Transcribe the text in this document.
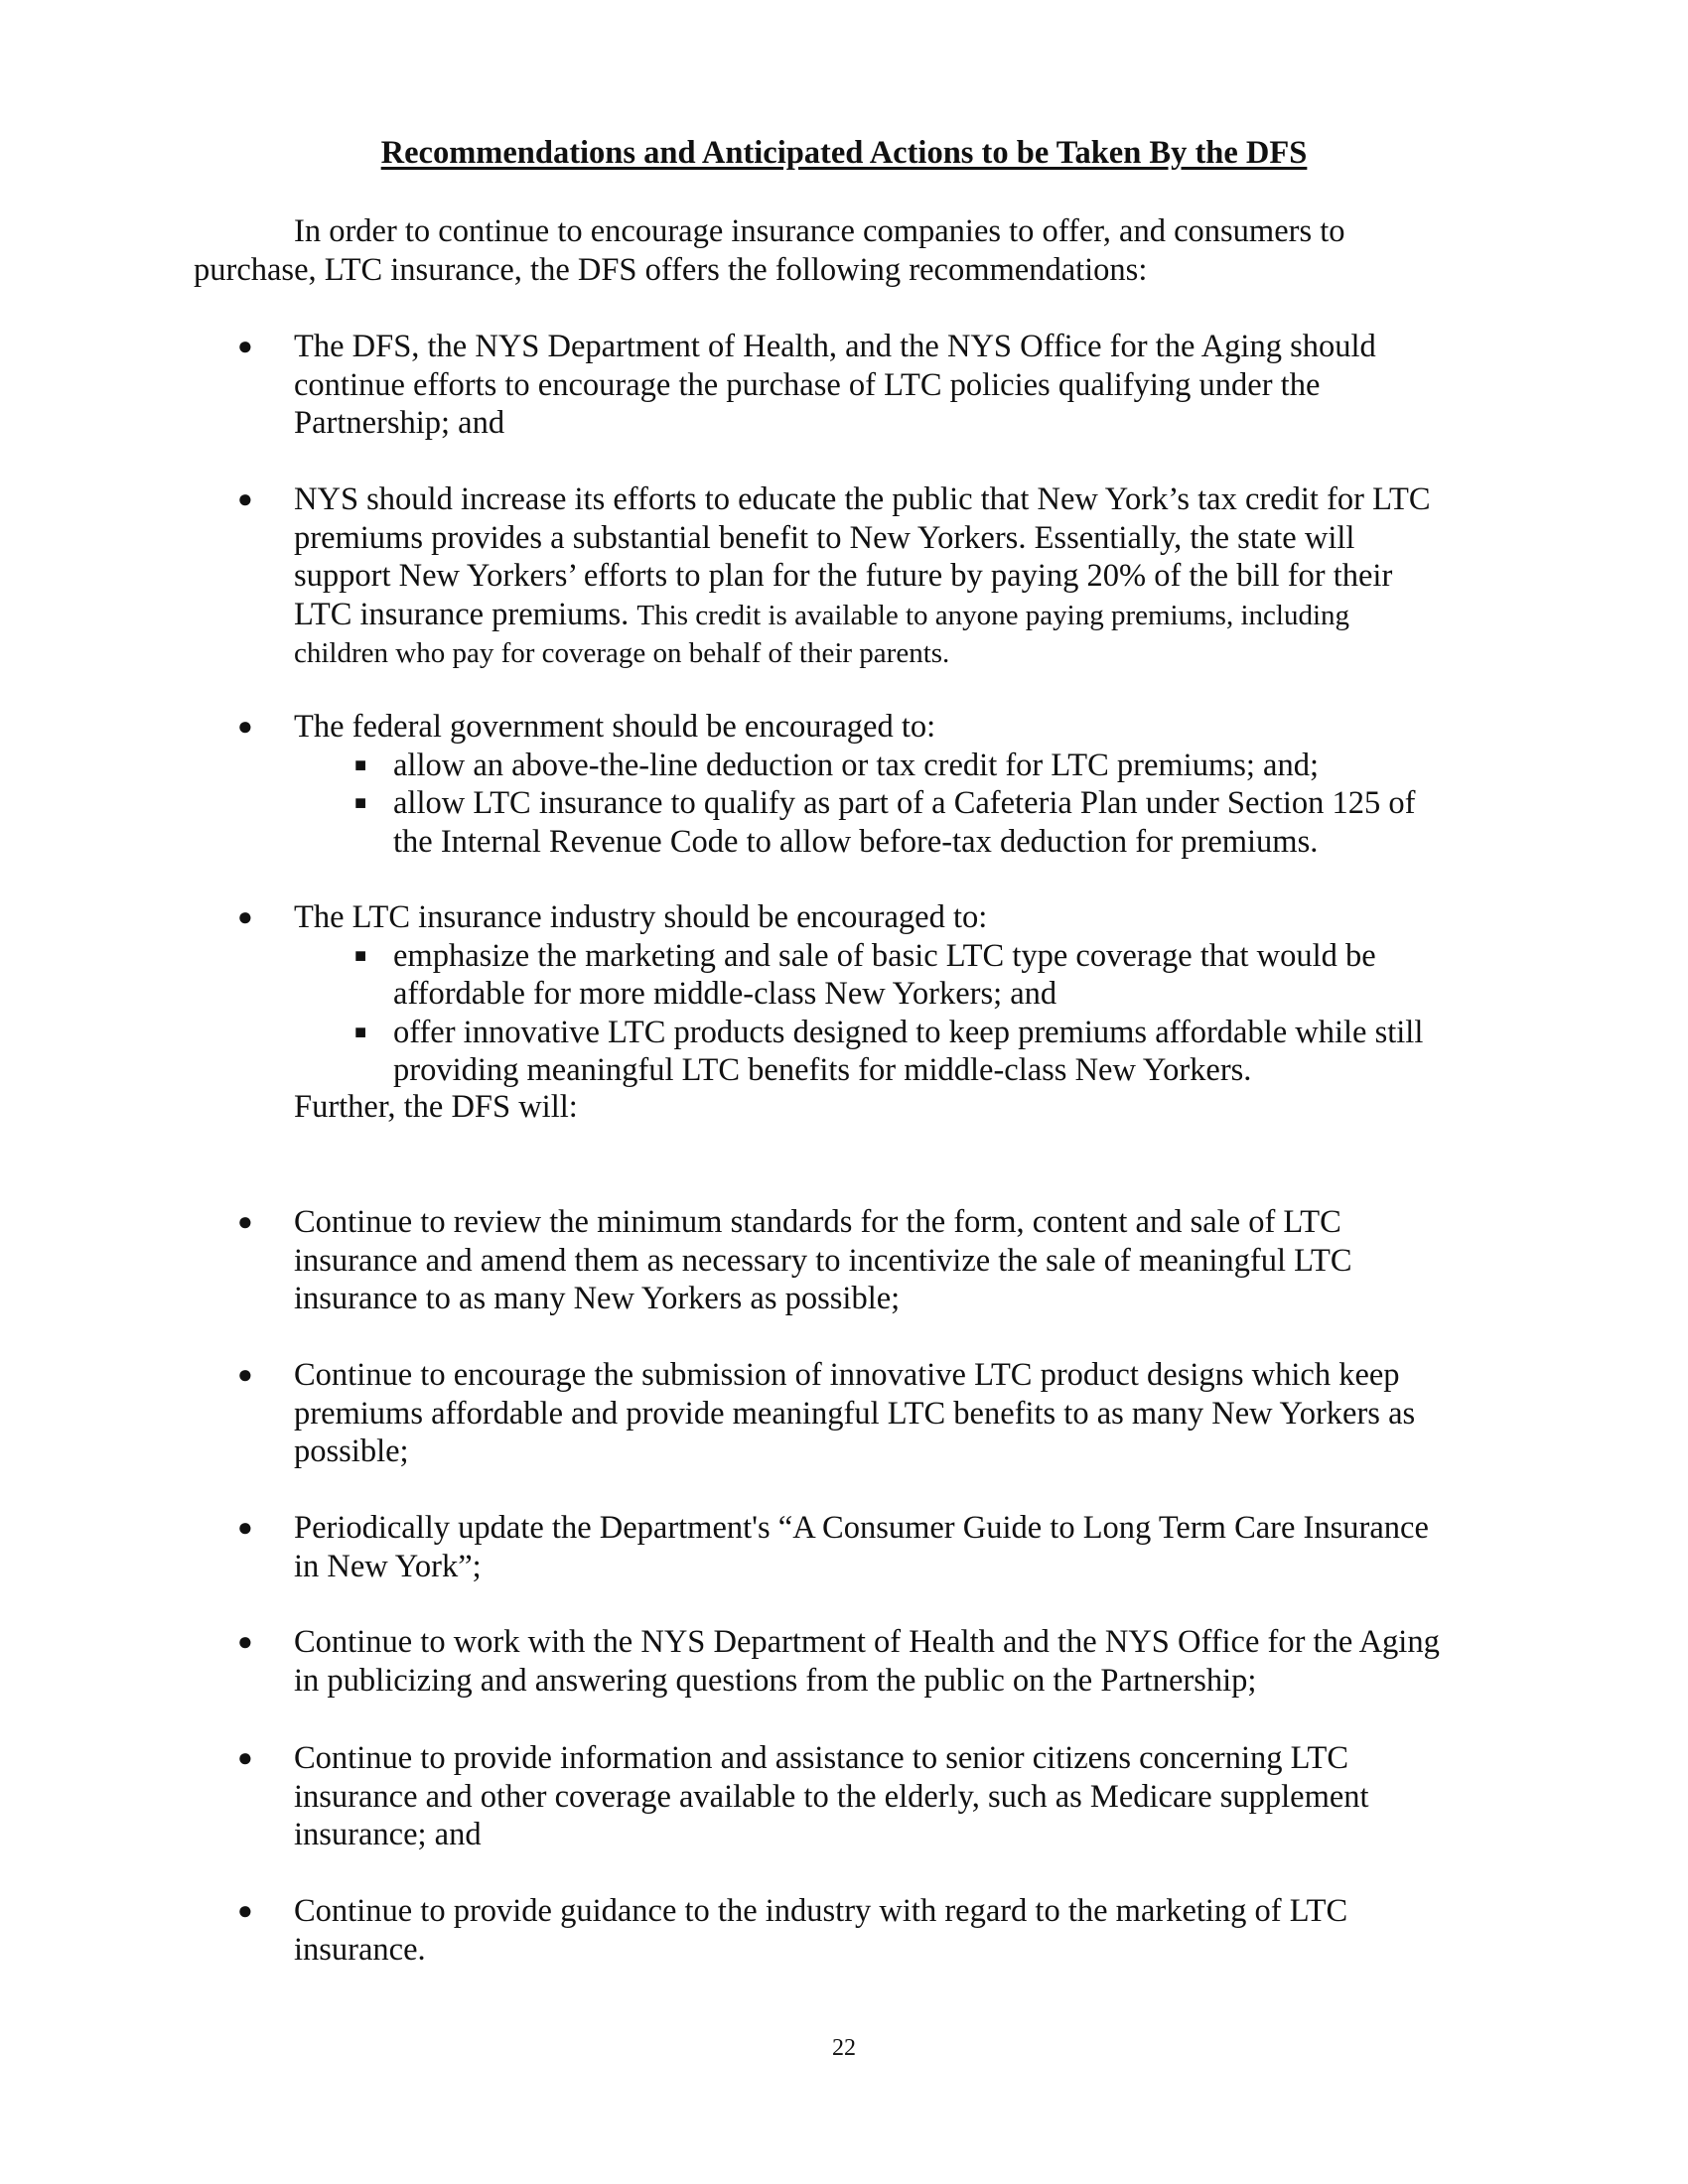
Recommendations and Anticipated Actions to be Taken By the DFS
In order to continue to encourage insurance companies to offer, and consumers to
purchase, LTC insurance, the DFS offers the following recommendations:
● The DFS, the NYS Department of Health, and the NYS Office for the Aging should
continue efforts to encourage the purchase of LTC policies qualifying under the
Partnership; and
● NYS should increase its efforts to educate the public that New York’s tax credit for LTC
premiums provides a substantial benefit to New Yorkers. Essentially, the state will
support New Yorkers’ efforts to plan for the future by paying 20% of the bill for their
LTC insurance premiums. This credit is available to anyone paying premiums, including
children who pay for coverage on behalf of their parents.
● The federal government should be encouraged to:
■ allow an above-the-line deduction or tax credit for LTC premiums; and;
■ allow LTC insurance to qualify as part of a Cafeteria Plan under Section 125 of
the Internal Revenue Code to allow before-tax deduction for premiums.
● The LTC insurance industry should be encouraged to:
■ emphasize the marketing and sale of basic LTC type coverage that would be
affordable for more middle-class New Yorkers; and
■ offer innovative LTC products designed to keep premiums affordable while still
providing meaningful LTC benefits for middle-class New Yorkers.
Further, the DFS will:
● Continue to review the minimum standards for the form, content and sale of LTC
insurance and amend them as necessary to incentivize the sale of meaningful LTC
insurance to as many New Yorkers as possible;
● Continue to encourage the submission of innovative LTC product designs which keep
premiums affordable and provide meaningful LTC benefits to as many New Yorkers as
possible;
● Periodically update the Department's “A Consumer Guide to Long Term Care Insurance
in New York”;
● Continue to work with the NYS Department of Health and the NYS Office for the Aging
in publicizing and answering questions from the public on the Partnership;
● Continue to provide information and assistance to senior citizens concerning LTC
insurance and other coverage available to the elderly, such as Medicare supplement
insurance; and
● Continue to provide guidance to the industry with regard to the marketing of LTC
insurance.
22
